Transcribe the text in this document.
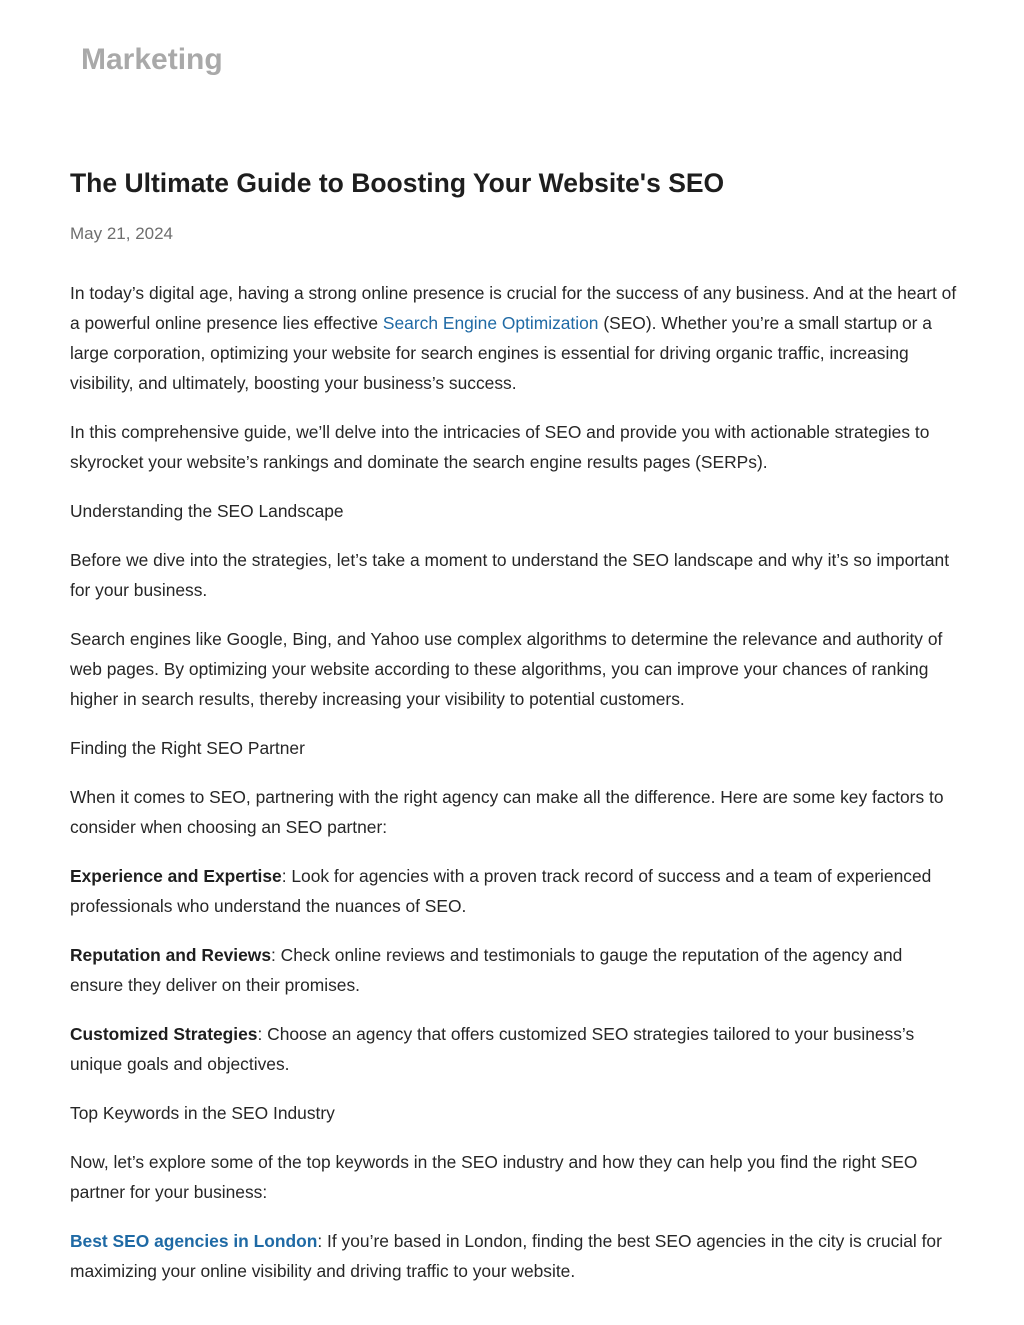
Marketing
The Ultimate Guide to Boosting Your Website's SEO

May 21, 2024

In today’s digital age, having a strong online presence is crucial for the success of any business. And at the heart of a powerful online presence lies effective Search Engine Optimization (SEO). Whether you’re a small startup or a large corporation, optimizing your website for search engines is essential for driving organic traffic, increasing visibility, and ultimately, boosting your business’s success.

In this comprehensive guide, we’ll delve into the intricacies of SEO and provide you with actionable strategies to skyrocket your website’s rankings and dominate the search engine results pages (SERPs).

Understanding the SEO Landscape

Before we dive into the strategies, let’s take a moment to understand the SEO landscape and why it’s so important for your business.

Search engines like Google, Bing, and Yahoo use complex algorithms to determine the relevance and authority of web pages. By optimizing your website according to these algorithms, you can improve your chances of ranking higher in search results, thereby increasing your visibility to potential customers.

Finding the Right SEO Partner

When it comes to SEO, partnering with the right agency can make all the difference. Here are some key factors to consider when choosing an SEO partner:

Experience and Expertise: Look for agencies with a proven track record of success and a team of experienced professionals who understand the nuances of SEO.

Reputation and Reviews: Check online reviews and testimonials to gauge the reputation of the agency and ensure they deliver on their promises.

Customized Strategies: Choose an agency that offers customized SEO strategies tailored to your business’s unique goals and objectives.

Top Keywords in the SEO Industry

Now, let’s explore some of the top keywords in the SEO industry and how they can help you find the right SEO partner for your business:

Best SEO agencies in London: If you’re based in London, finding the best SEO agencies in the city is crucial for maximizing your online visibility and driving traffic to your website.
